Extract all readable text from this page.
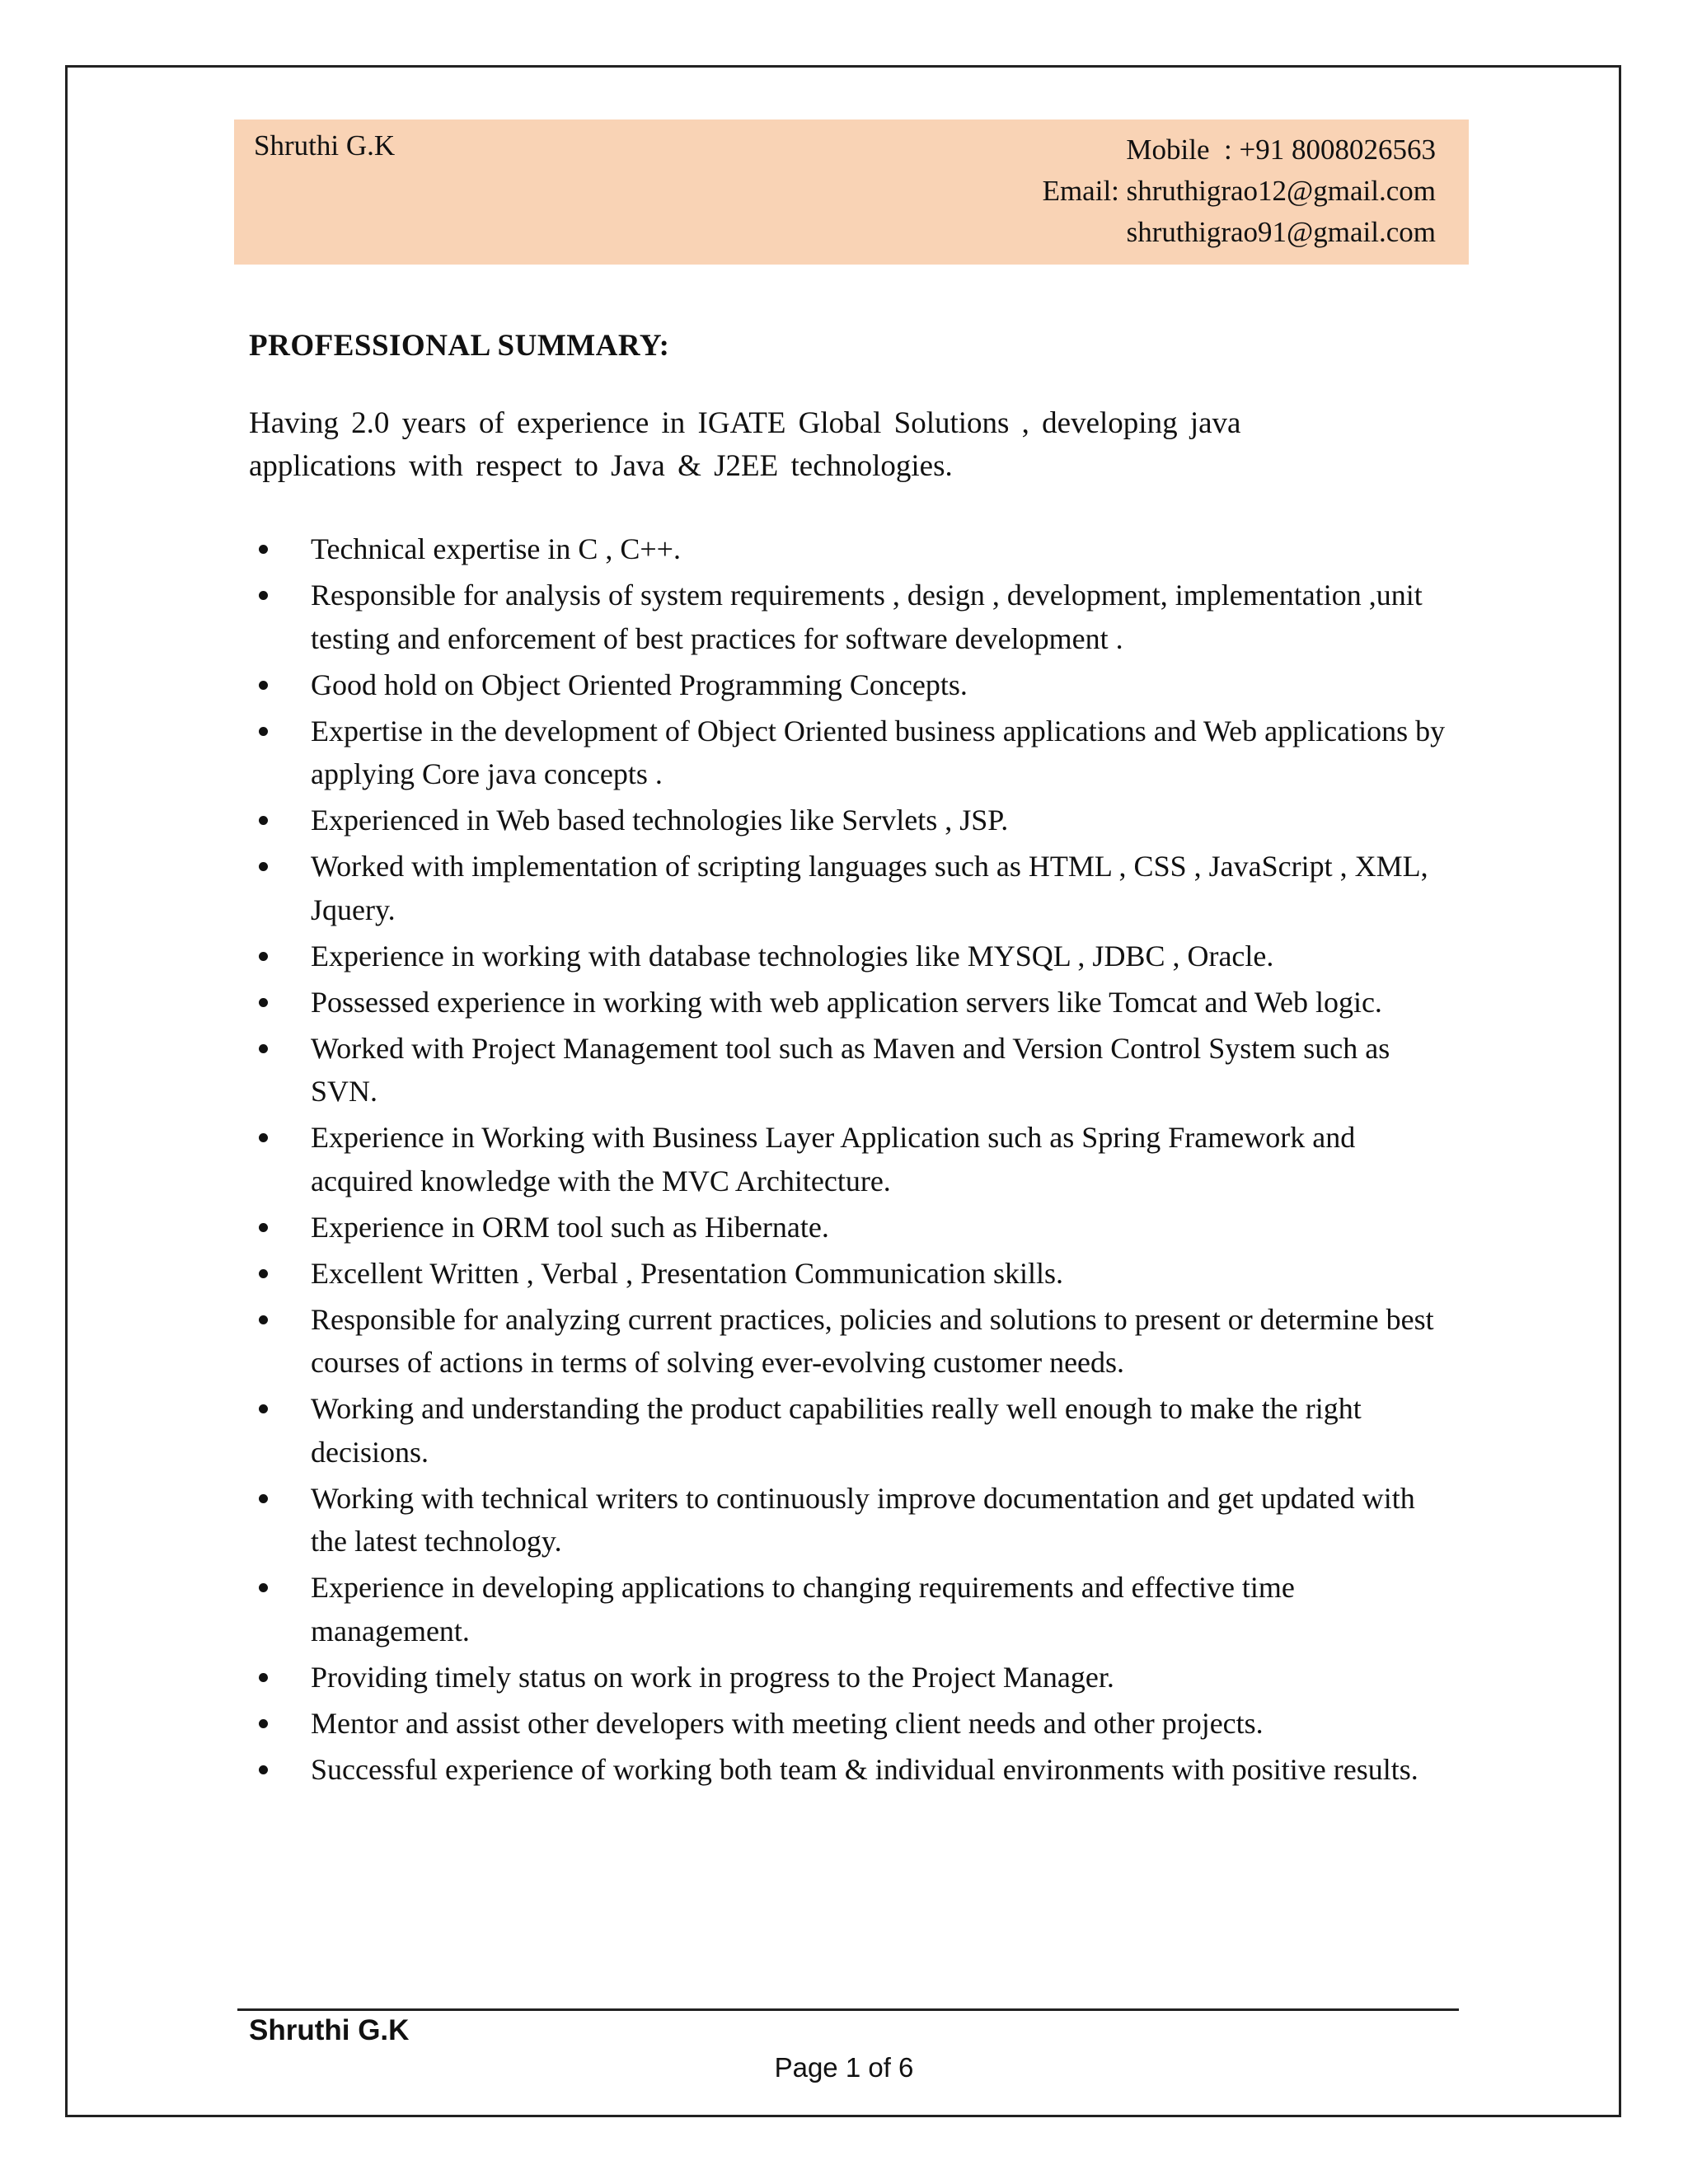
Shruthi G.K	Mobile  : +91 8008026563
Email: shruthigrao12@gmail.com
shruthigrao91@gmail.com
PROFESSIONAL SUMMARY:
Having 2.0 years of experience in IGATE Global Solutions , developing java applications with respect to Java & J2EE technologies.
Technical expertise in C , C++.
Responsible for analysis of system requirements , design , development, implementation ,unit testing and enforcement of best practices for software development .
Good hold on Object Oriented Programming Concepts.
Expertise in the development of Object Oriented business applications and Web applications by applying Core java concepts .
Experienced in Web based technologies like Servlets , JSP.
Worked with implementation of scripting languages such as HTML , CSS , JavaScript , XML, Jquery.
Experience in working with database technologies like MYSQL , JDBC , Oracle.
Possessed experience in working with web application servers like Tomcat and Web logic.
Worked with Project Management tool such as Maven and Version Control System such as SVN.
Experience in Working with Business Layer Application such as Spring Framework and acquired knowledge with the MVC Architecture.
Experience in ORM tool such as Hibernate.
Excellent Written , Verbal , Presentation Communication skills.
Responsible for analyzing current practices, policies and solutions to present or determine best courses of actions in terms of solving ever-evolving customer needs.
Working and understanding the product capabilities really well enough to make the right decisions.
Working with technical writers to continuously improve documentation and get updated with the latest technology.
Experience in developing applications to changing requirements and effective time management.
Providing timely status on work in progress to the Project Manager.
Mentor and assist other developers with meeting client needs and other projects.
Successful experience of working both team & individual environments with positive results.
Shruthi G.K
Page 1 of 6
